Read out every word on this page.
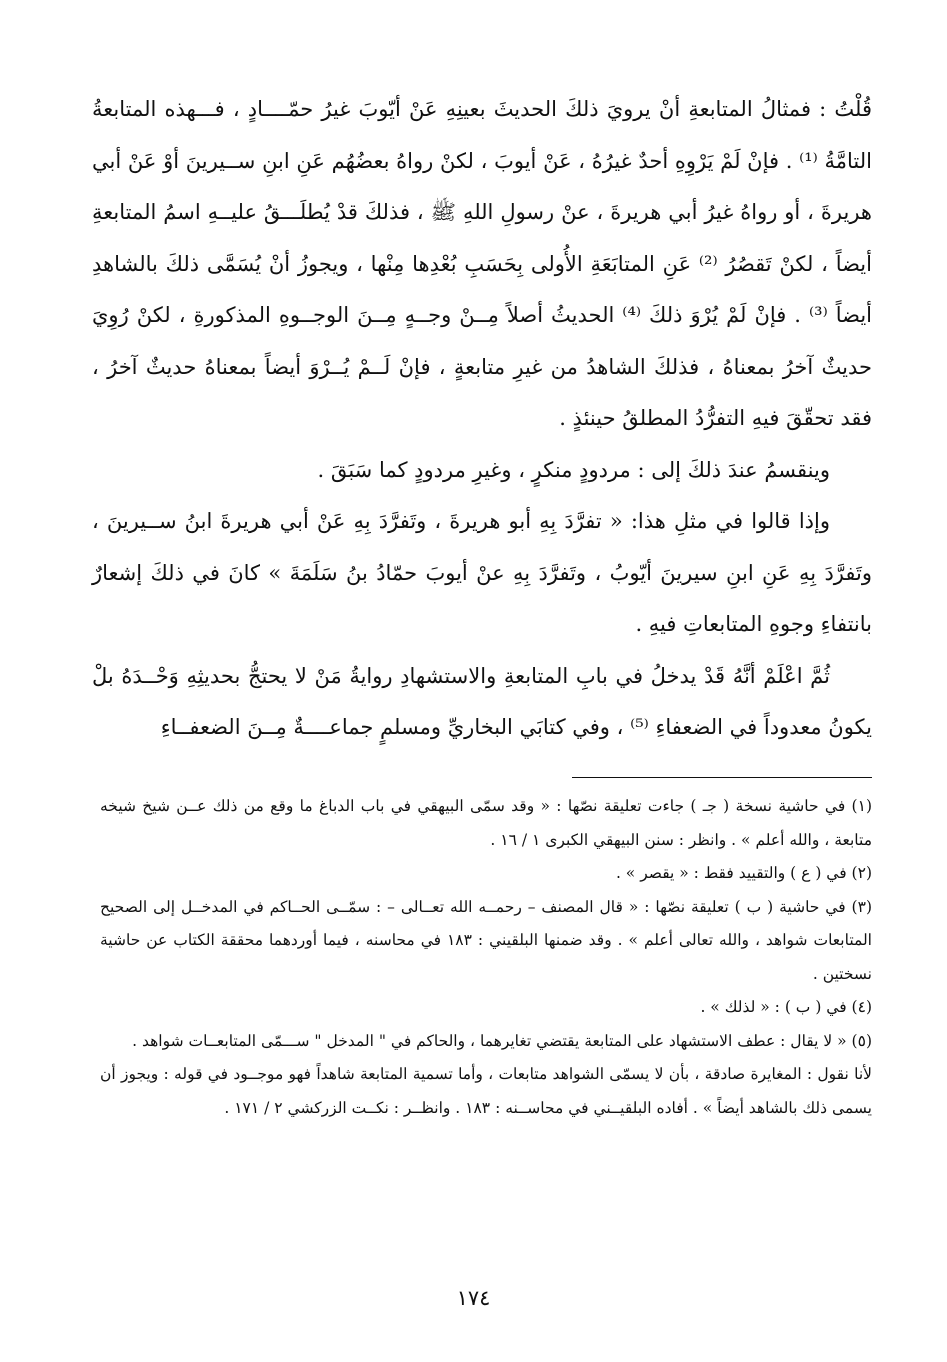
قُلْتُ : فمثالُ المتابعةِ أنْ يرويَ ذلكَ الحديثَ بعينِهِ عَنْ أيّوبَ غيرُ حمّــــادٍ ، فـــهذه المتابعةُ التامَّةُ ⁽¹⁾ . فإنْ لَمْ يَرْوِهِ أحدٌ غيرُهُ ، عَنْ أيوبَ ، لكنْ رواهُ بعضُهُم عَنِ ابنِ ســيرينَ أوْ عَنْ أبي هريرةَ ، أو رواهُ غيرُ أبي هريرةَ ، عنْ رسولِ اللهِ ﷺ ، فذلكَ قدْ يُطلَـــقُ عليــهِ اسمُ المتابعةِ أيضاً ، لكنْ تَقصُرُ ⁽²⁾ عَنِ المتابَعَةِ الأُولى بِحَسَبِ بُعْدِها مِنْها ، ويجوزُ أنْ يُسَمَّى ذلكَ بالشاهدِ أيضاً ⁽³⁾ . فإنْ لَمْ يُرْوَ ذلكَ ⁽⁴⁾ الحديثُ أصلاً مِــنْ وجــهٍ مِــنَ الوجــوهِ المذكورةِ ، لكنْ رُوِيَ حديثٌ آخرُ بمعناهُ ، فذلكَ الشاهدُ من غيرِ متابعةٍ ، فإنْ لَــمْ يُــرْوَ أيضاً بمعناهُ حديثٌ آخرُ ، فقد تحقّقَ فيهِ التفرُّدُ المطلقُ حينئذٍ .

وينقسمُ عندَ ذلكَ إلى : مردودٍ منكرٍ ، وغيرِ مردودٍ كما سَبَقَ .

وإذا قالوا في مثلِ هذا: « تفرَّدَ بِهِ أبو هريرةَ ، وتَفرَّدَ بِهِ عَنْ أبي هريرةَ ابنُ ســيرينَ ، وتَفرَّدَ بِهِ عَنِ ابنِ سيرينَ أيّوبُ ، وتَفرَّدَ بِهِ عنْ أيوبَ حمّادُ بنُ سَلَمَةَ » كانَ في ذلكَ إشعارٌ بانتفاءِ وجوهِ المتابعاتِ فيهِ .

ثُمَّ اعْلَمْ أنَّهُ قَدْ يدخلُ في بابِ المتابعةِ والاستشهادِ روايةُ مَنْ لا يحتجُّ بحديثِهِ وَحْــدَهُ بلْ يكونُ معدوداً في الضعفاءِ ⁽⁵⁾ ، وفي كتابَي البخاريِّ ومسلمٍ جماعــــةٌ مِــنَ الضعفــاءِ

(١) في حاشية نسخة ( جـ ) جاءت تعليقة نصّها : « وقد سمّى البيهقي في باب الدباغ ما وقع من ذلك عــن شيخ شيخه متابعة ، والله أعلم » . وانظر : سنن البيهقي الكبرى ١ / ١٦ .

(٢) في ( ع ) والتقييد فقط : « يقصر » .

(٣) في حاشية ( ب ) تعليقة نصّها : « قال المصنف – رحمــه الله تعــالى – : سمّــى الحــاكم في المدخــل إلى الصحيح المتابعات شواهد ، والله تعالى أعلم » . وقد ضمنها البلقيني : ١٨٣ في محاسنه ، فيما أوردهما محققة الكتاب عن حاشية نسختين .

(٤) في ( ب ) : « لذلك » .

(٥) « لا يقال : عطف الاستشهاد على المتابعة يقتضي تغايرهما ، والحاكم في " المدخل " ســـمّى المتابعــات شواهد .

لأنا نقول : المغايرة صادقة ، بأن لا يسمّى الشواهد متابعات ، وأما تسمية المتابعة شاهداً فهو موجــود في قوله : ويجوز أن يسمى ذلك بالشاهد أيضاً » . أفاده البلقيــني في محاســنه : ١٨٣ . وانظــر : نكــت الزركشي ٢ / ١٧١ .

١٧٤
